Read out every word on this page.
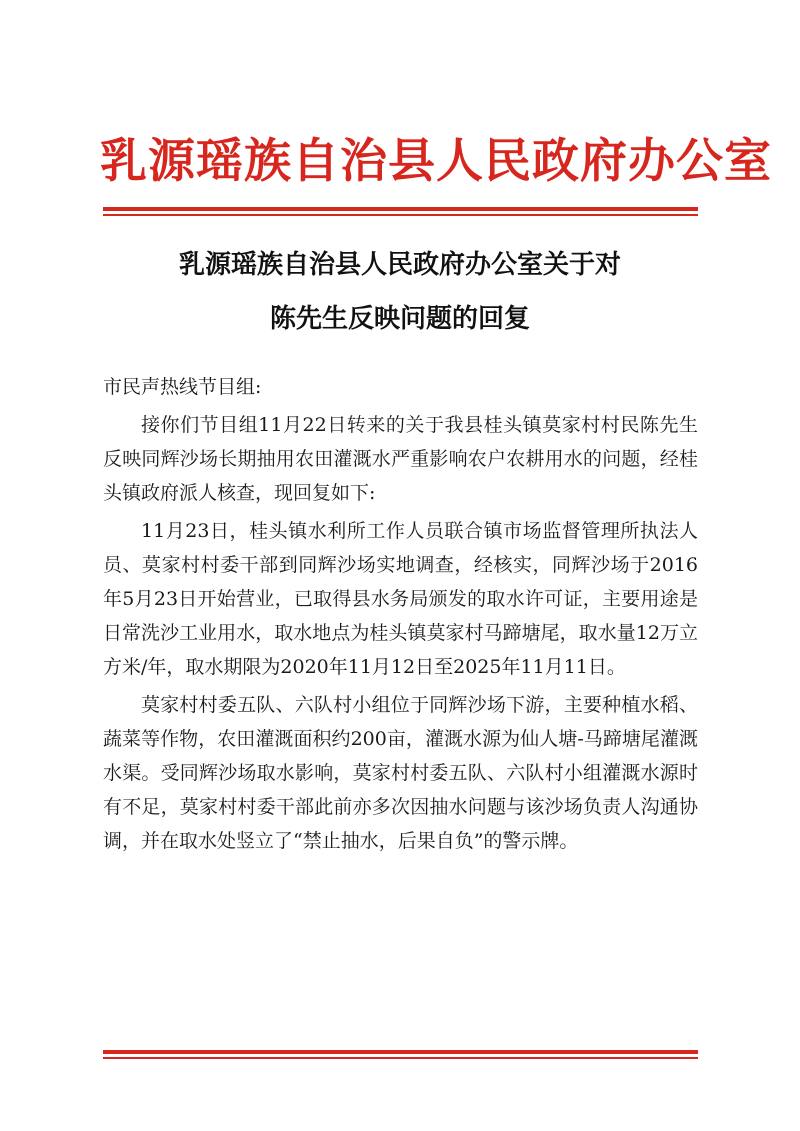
乳源瑶族自治县人民政府办公室
乳源瑶族自治县人民政府办公室关于对
陈先生反映问题的回复

市民声热线节目组:

接你们节目组11月22日转来的关于我县桂头镇莫家村村民陈先生反映同辉沙场长期抽用农田灌溉水严重影响农户农耕用水的问题，经桂头镇政府派人核查，现回复如下:

11月23日，桂头镇水利所工作人员联合镇市场监督管理所执法人员、莫家村村委干部到同辉沙场实地调查，经核实，同辉沙场于2016年5月23日开始营业，已取得县水务局颁发的取水许可证，主要用途是日常洗沙工业用水，取水地点为桂头镇莫家村马蹄塘尾，取水量12万立方米/年，取水期限为2020年11月12日至2025年11月11日。

莫家村村委五队、六队村小组位于同辉沙场下游，主要种植水稻、蔬菜等作物，农田灌溉面积约200亩，灌溉水源为仙人塘-马蹄塘尾灌溉水渠。受同辉沙场取水影响，莫家村村委五队、六队村小组灌溉水源时有不足，莫家村村委干部此前亦多次因抽水问题与该沙场负责人沟通协调，并在取水处竖立了“禁止抽水，后果自负”的警示牌。
